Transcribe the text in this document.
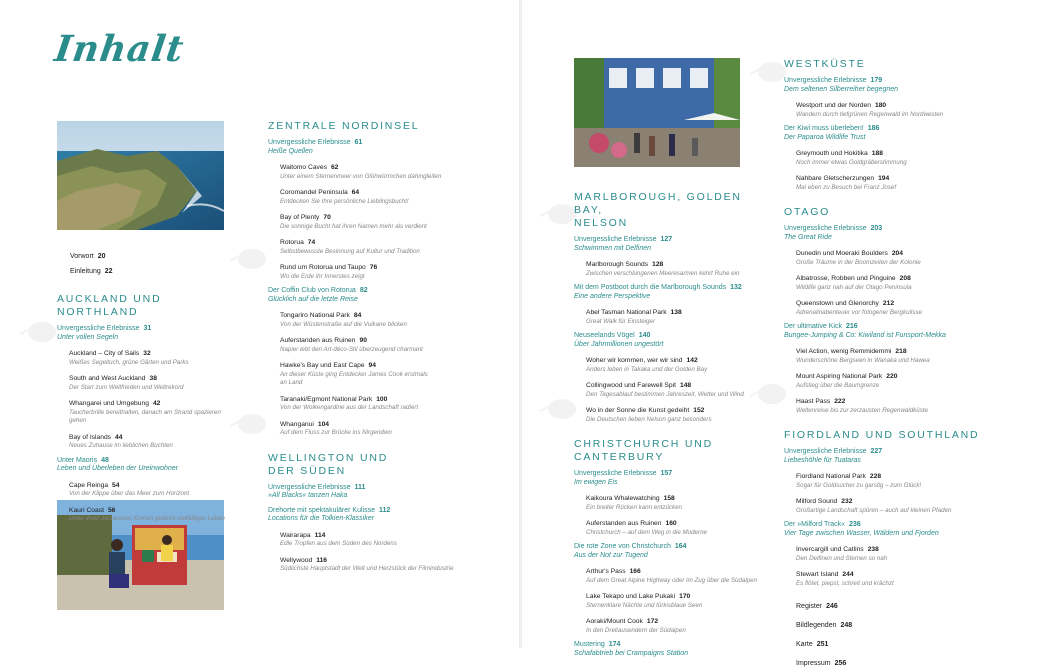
Inhalt
Vorwort 20
Einleitung 22
AUCKLAND UND NORTHLAND
Unvergessliche Erlebnisse 31
Unter vollen Segeln
Auckland – City of Sails 32
Weißes Segeltuch, grüne Gärten und Parks
South and West Auckland 38
Der Start zum Weltfrieden und Weltrekord
Whangarei und Umgebung 42
Taucherbrille bereithalten, danach am Strand spazieren gehen
Bay of Islands 44
Neues Zuhause im lieblichen Buchten
Unter Maoris 48
Leben und Überleben der Ureinwohner
Cape Reinga 54
Von der Klippe über das Meer zum Horizont
Kauri Coast 56
Unter ihren zerzausten Kronen gedeiht vielfältiges Leben
ZENTRALE NORDINSEL
Unvergessliche Erlebnisse 61
Heiße Quellen
Waitomo Caves 62
Unter einem Sternenmeer von Glühwürmchen dahingleiten
Coromandel Peninsula 64
Entdecken Sie Ihre persönliche Lieblingsbucht!
Bay of Plenty 70
Die sonnige Bucht hat ihren Namen mehr als verdient
Rotorua 74
Selbstbewusste Besinnung auf Kultur und Tradition
Rund um Rotorua und Taupo 76
Wo die Erde ihr Innerstes zeigt
Der Coffin Club von Rotorua 82
Glücklich auf die letzte Reise
Tongariro National Park 84
Von der Wüstenstraße auf die Vulkane blicken
Auferstanden aus Ruinen 90
Napier lebt den Art-déco-Stil überzeugend charmant
Hawke's Bay und East Cape 94
An dieser Küste ging Entdecker James Cook erstmals an Land
Taranaki/Egmont National Park 100
Von der Wolkengardine aus der Landschaft radiert
Whanganui 104
Auf dem Fluss zur Brücke ins Nirgendwo
WELLINGTON UND
DER SÜDEN
Unvergessliche Erlebnisse 111
»All Blacks« tanzen Haka
Drehorte mit spektakulärer Kulisse 112
Locations für die Tolkien-Klassiker
Wairarapa 114
Edle Tropfen aus dem Süden des Nordens
Wellywood 116
Südlichste Hauptstadt der Welt und Herzstück der Filmindustrie
MARLBOROUGH, GOLDEN BAY,
NELSON
Unvergessliche Erlebnisse 127
Schwimmen mit Delfinen
Marlborough Sounds 128
Zwischen verschlungenen Meeresarmen kehrt Ruhe ein
Mit dem Postboot durch die Marlborough Sounds 132
Eine andere Perspektive
Abel Tasman National Park 138
Great Walk für Einsteiger
Neuseelands Vögel 140
Über Jahrmillionen ungestört
Woher wir kommen, wer wir sind 142
Anders leben in Takaka und der Golden Bay
Collingwood und Farewell Spit 148
Den Tagesablauf bestimmen Jahreszeit, Wetter und Wind
Wo in der Sonne die Kunst gedeiht 152
Die Deutschen lieben Nelson ganz besonders
CHRISTCHURCH UND CANTERBURY
Unvergessliche Erlebnisse 157
Im ewigen Eis
Kaikoura Whalewatching 158
Ein breiter Rücken kann entzücken
Auferstanden aus Ruinen 160
Christchurch – auf dem Weg in die Moderne
Die rote Zone von Christchurch 164
Aus der Not zur Tugend
Arthur's Pass 166
Auf dem Great Alpine Highway oder im Zug über die Südalpen
Lake Tekapo und Lake Pukaki 170
Sternenklare Nächte und türkisblaue Seen
Aoraki/Mount Cook 172
In den Dreitausendern der Südalpen
Mustering 174
Schafabtrieb bei Crampaigns Station
WESTKÜSTE
Unvergessliche Erlebnisse 179
Dem seltenen Silberreiher begegnen
Westport und der Norden 180
Wandern durch tiefgrünen Regenwald im Nordwesten
Der Kiwi muss überleben! 186
Der Paparoa Wildlife Trust
Greymouth und Hokitika 188
Noch immer etwas Goldgräberstimmung
Nahbare Gletscherzungen 194
Mal eben zu Besuch bei Franz Josef
OTAGO
Unvergessliche Erlebnisse 203
The Great Ride
Dunedin und Moeraki Boulders 204
Große Träume in der Boomzeiten der Kolonie
Albatrosse, Robben und Pinguine 208
Wildlife ganz nah auf der Otago Peninsula
Queenstown und Glenorchy 212
Adrenalinabenteuer vor fotogener Bergkulisse
Der ultimative Kick 216
Bungee-Jumping & Co: Kiwiland ist Funsport-Mekka
Viel Action, wenig Remmidemmi 218
Wunderschöne Bergseen in Wanaka und Hawea
Mount Aspiring National Park 220
Aufstieg über die Baumgrenze
Haast Pass 222
Weltenreise bis zur zerzausten Regenwaldküste
FIORDLAND UND SOUTHLAND
Unvergessliche Erlebnisse 227
Liebeshöhle für Tuataras
Fiordland National Park 228
Sogar für Goldsucher zu garstig – zum Glück!
Milford Sound 232
Großartige Landschaft spüren – auch auf kleinen Pfaden
Der »Milford Track« 236
Vier Tage zwischen Wasser, Wäldern und Fjorden
Invercargill und Catlins 238
Den Delfinen und Stemen so nah
Stewart Island 244
Es flötet, piepst, schreit und krächzt
Register 246
Bildlegenden 248
Karte 251
Impressum 256
